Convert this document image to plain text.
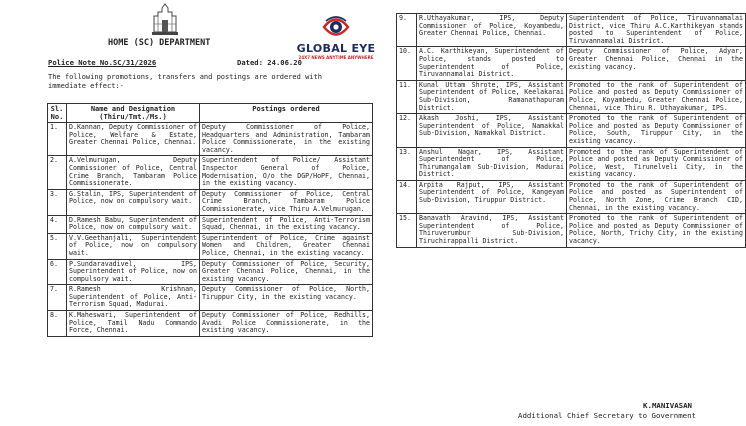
HOME (SC) DEPARTMENT
Police Note No.SC/31/2026	Dated: 24.06.20
The following promotions, transfers and postings are ordered with immediate effect:-
GLOBAL EYE
24X7 NEWS ANYTIME ANYWHERE
Sl. No.	Name and Designation (Thiru/Tmt./Ms.)	Postings ordered
1.	D.Kannan, Deputy Commissioner of Police, Welfare & Estate, Greater Chennai Police, Chennai.	Deputy Commissioner of Police, Headquarters and Administration, Tambaram Police Commissionerate, in the existing vacancy.
2.	A.Velmurugan, Deputy Commissioner of Police, Central Crime Branch, Tambaram Police Commissionerate.	Superintendent of Police/ Assistant Inspector General of Police, Modernisation, O/o the DGP/HoPF, Chennai, in the existing vacancy.
3.	G.Stalin, IPS, Superintendent of Police, now on compulsory wait.	Deputy Commissioner of Police, Central Crime Branch, Tambaram Police Commissionerate, vice Thiru A.Velmurugan.
4.	D.Ramesh Babu, Superintendent of Police, now on compulsory wait.	Superintendent of Police, Anti-Terrorism Squad, Chennai, in the existing vacancy.
5.	V.V.Geethanjali, Superintendent of Police, now on compulsory wait.	Superintendent of Police, Crime against Women and Children, Greater Chennai Police, Chennai, in the existing vacancy.
6.	P.Sundaravadivel, IPS, Superintendent of Police, now on compulsory wait.	Deputy Commissioner of Police, Security, Greater Chennai Police, Chennai, in the existing vacancy.
7.	R.Ramesh Krishnan, Superintendent of Police, Anti-Terrorism Squad, Madurai.	Deputy Commissioner of Police, North, Tiruppur City, in the existing vacancy.
8.	K.Maheswari, Superintendent of Police, Tamil Nadu Commando Force, Chennai.	Deputy Commissioner of Police, Redhills, Avadi Police Commissionerate, in the existing vacancy.
9.	R.Uthayakumar, IPS, Deputy Commissioner of Police, Koyambedu, Greater Chennai Police, Chennai.	Superintendent of Police, Tiruvannamalai District, vice Thiru A.C.Karthikeyan stands posted to Superintendent of Police, Tiruvannamalai District.
10.	A.C. Karthikeyan, Superintendent of Police, stands posted to Superintendent of Police, Tiruvannamalai District.	Deputy Commissioner of Police, Adyar, Greater Chennai Police, Chennai in the existing vacancy.
11.	Kunal Uttam Shrote, IPS, Assistant Superintendent of Police, Keelakarai Sub-Division, Ramanathapuram District.	Promoted to the rank of Superintendent of Police and posted as Deputy Commissioner of Police, Koyambedu, Greater Chennai Police, Chennai, vice Thiru R. Uthayakumar, IPS.
12.	Akash Joshi, IPS, Assistant Superintendent of Police, Namakkal Sub-Division, Namakkal District.	Promoted to the rank of Superintendent of Police and posted as Deputy Commissioner of Police, South, Tiruppur City, in the existing vacancy.
13.	Anshul Nagar, IPS, Assistant Superintendent of Police, Thirumangalam Sub-Division, Madurai District.	Promoted to the rank of Superintendent of Police and posted as Deputy Commissioner of Police, West, Tirunelveli City, in the existing vacancy.
14.	Arpita Rajput, IPS, Assistant Superintendent of Police, Kangeyam Sub-Division, Tiruppur District.	Promoted to the rank of Superintendent of Police and posted as Superintendent of Police, North Zone, Crime Branch CID, Chennai, in the existing vacancy.
15.	Banavath Aravind, IPS, Assistant Superintendent of Police, Thiruverumbur Sub-Division, Tiruchirappalli District.	Promoted to the rank of Superintendent of Police and posted as Deputy Commissioner of Police, North, Trichy City, in the existing vacancy.
K.MANIVASAN
Additional Chief Secretary to Government
